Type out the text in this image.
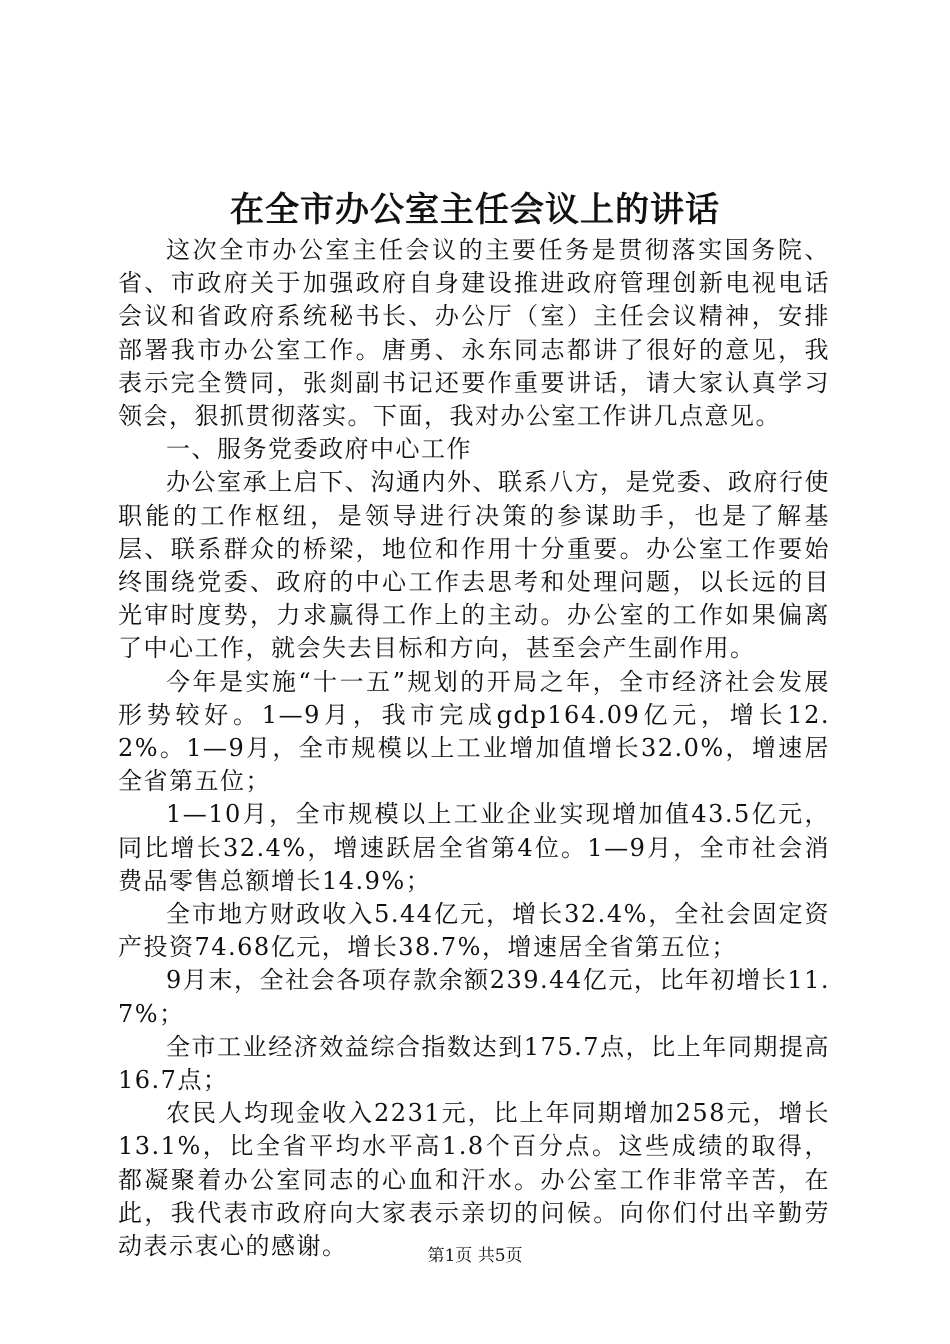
在全市办公室主任会议上的讲话

这次全市办公室主任会议的主要任务是贯彻落实国务院、省、市政府关于加强政府自身建设推进政府管理创新电视电话会议和省政府系统秘书长、办公厅（室）主任会议精神，安排部署我市办公室工作。唐勇、永东同志都讲了很好的意见，我表示完全赞同，张剡副书记还要作重要讲话，请大家认真学习领会，狠抓贯彻落实。下面，我对办公室工作讲几点意见。

一、服务党委政府中心工作

办公室承上启下、沟通内外、联系八方，是党委、政府行使职能的工作枢纽，是领导进行决策的参谋助手，也是了解基层、联系群众的桥梁，地位和作用十分重要。办公室工作要始终围绕党委、政府的中心工作去思考和处理问题，以长远的目光审时度势，力求赢得工作上的主动。办公室的工作如果偏离了中心工作，就会失去目标和方向，甚至会产生副作用。

今年是实施“十一五”规划的开局之年，全市经济社会发展形势较好。1—9月，我市完成gdp164.09亿元，增长12.2%。1—9月，全市规模以上工业增加值增长32.0%，增速居全省第五位；

1—10月，全市规模以上工业企业实现增加值43.5亿元，同比增长32.4%，增速跃居全省第4位。1—9月，全市社会消费品零售总额增长14.9%；

全市地方财政收入5.44亿元，增长32.4%，全社会固定资产投资74.68亿元，增长38.7%，增速居全省第五位；

9月末，全社会各项存款余额239.44亿元，比年初增长11.7%；

全市工业经济效益综合指数达到175.7点，比上年同期提高16.7点；

农民人均现金收入2231元，比上年同期增加258元，增长13.1%，比全省平均水平高1.8个百分点。这些成绩的取得，都凝聚着办公室同志的心血和汗水。办公室工作非常辛苦，在此，我代表市政府向大家表示亲切的问候。向你们付出辛勤劳动表示衷心的感谢。	第1页 共5页
